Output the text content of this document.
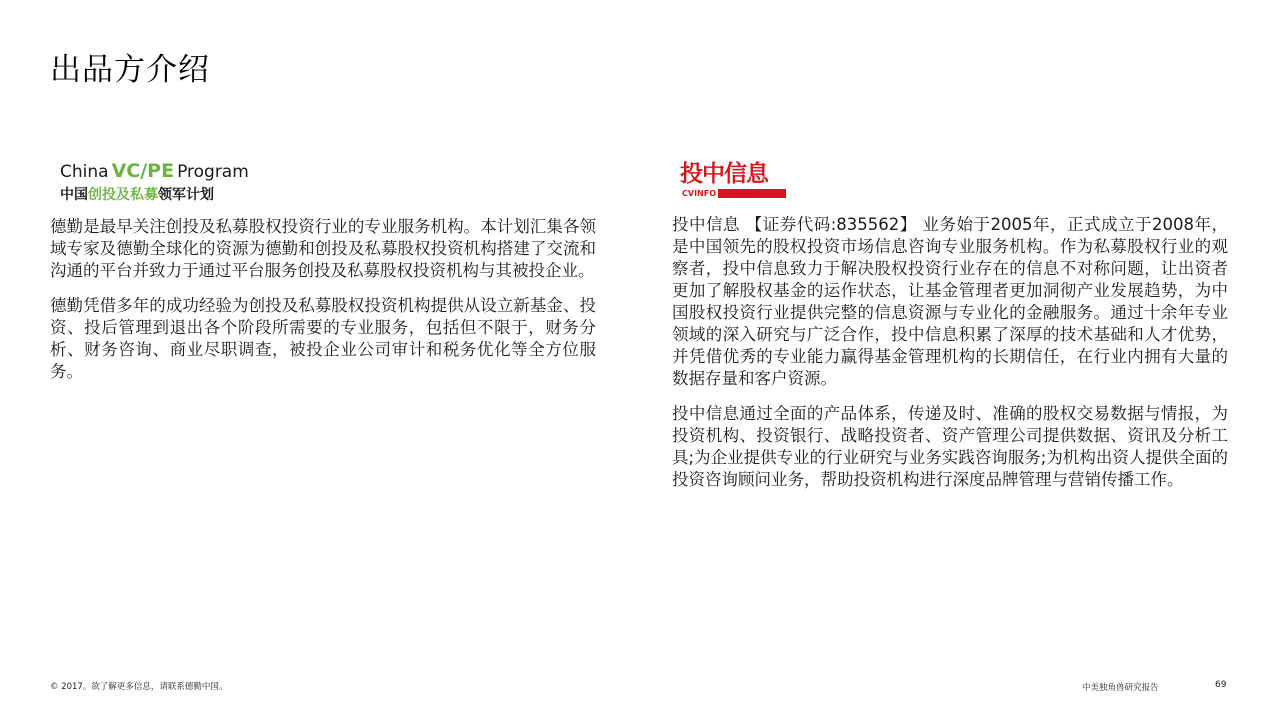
出品方介绍
China VC/PE Program
中国创投及私募领军计划
投中信息
CVINFO

德勤是最早关注创投及私募股权投资行业的专业服务机构。本计划汇集各领域专家及德勤全球化的资源为德勤和创投及私募股权投资机构搭建了交流和沟通的平台并致力于通过平台服务创投及私募股权投资机构与其被投企业。

德勤凭借多年的成功经验为创投及私募股权投资机构提供从设立新基金、投资、投后管理到退出各个阶段所需要的专业服务，包括但不限于，财务分析、财务咨询、商业尽职调查，被投企业公司审计和税务优化等全方位服务。

投中信息 【证券代码:835562】 业务始于2005年，正式成立于2008年，是中国领先的股权投资市场信息咨询专业服务机构。作为私募股权行业的观察者，投中信息致力于解决股权投资行业存在的信息不对称问题，让出资者更加了解股权基金的运作状态，让基金管理者更加洞彻产业发展趋势，为中国股权投资行业提供完整的信息资源与专业化的金融服务。通过十余年专业领域的深入研究与广泛合作，投中信息积累了深厚的技术基础和人才优势，并凭借优秀的专业能力赢得基金管理机构的长期信任，在行业内拥有大量的数据存量和客户资源。

投中信息通过全面的产品体系，传递及时、准确的股权交易数据与情报，为投资机构、投资银行、战略投资者、资产管理公司提供数据、资讯及分析工具;为企业提供专业的行业研究与业务实践咨询服务;为机构出资人提供全面的投资咨询顾问业务，帮助投资机构进行深度品牌管理与营销传播工作。

© 2017。欲了解更多信息，请联系德勤中国。	中美独角兽研究报告	69
